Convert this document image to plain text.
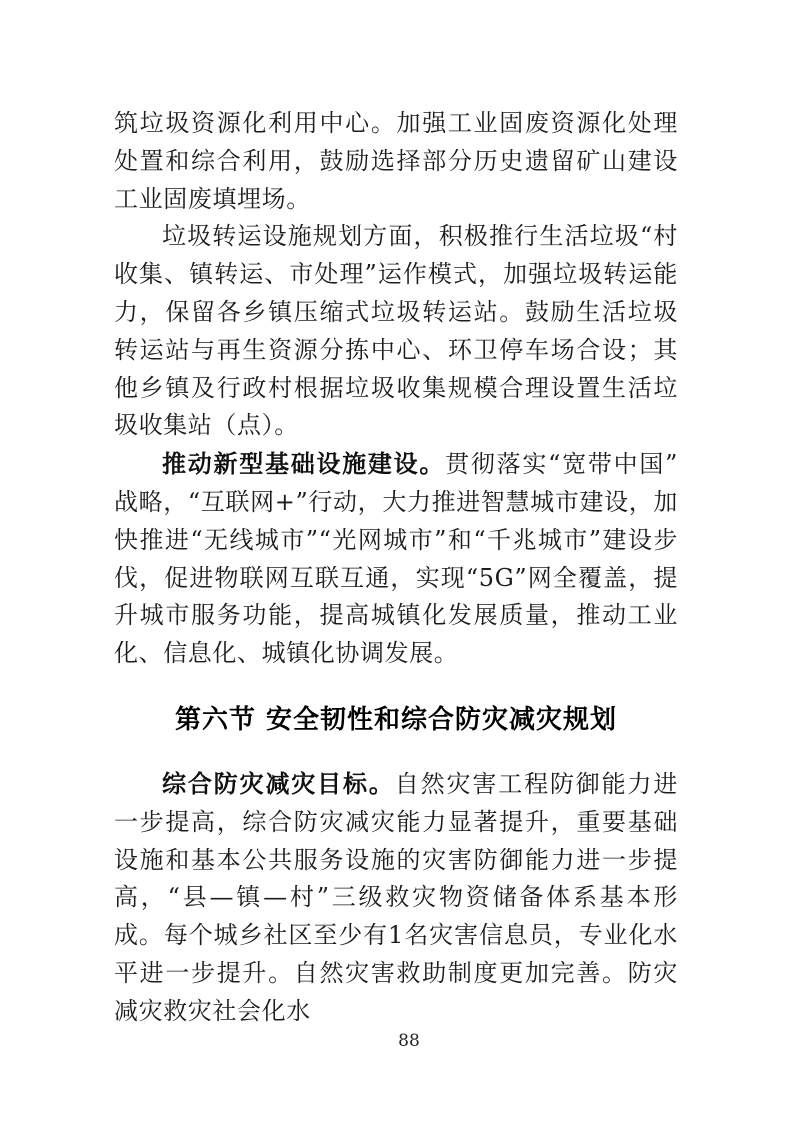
筑垃圾资源化利用中心。加强工业固废资源化处理处置和综合利用，鼓励选择部分历史遗留矿山建设工业固废填埋场。

垃圾转运设施规划方面，积极推行生活垃圾“村收集、镇转运、市处理”运作模式，加强垃圾转运能力，保留各乡镇压缩式垃圾转运站。鼓励生活垃圾转运站与再生资源分拣中心、环卫停车场合设；其他乡镇及行政村根据垃圾收集规模合理设置生活垃圾收集站（点）。

推动新型基础设施建设。贯彻落实“宽带中国”战略，“互联网+”行动，大力推进智慧城市建设，加快推进“无线城市”“光网城市”和“千兆城市”建设步伐，促进物联网互联互通，实现“5G”网全覆盖，提升城市服务功能，提高城镇化发展质量，推动工业化、信息化、城镇化协调发展。

第六节 安全韧性和综合防灾减灾规划

综合防灾减灾目标。自然灾害工程防御能力进一步提高，综合防灾减灾能力显著提升，重要基础设施和基本公共服务设施的灾害防御能力进一步提高，“县—镇—村”三级救灾物资储备体系基本形成。每个城乡社区至少有1名灾害信息员，专业化水平进一步提升。自然灾害救助制度更加完善。防灾减灾救灾社会化水

88
